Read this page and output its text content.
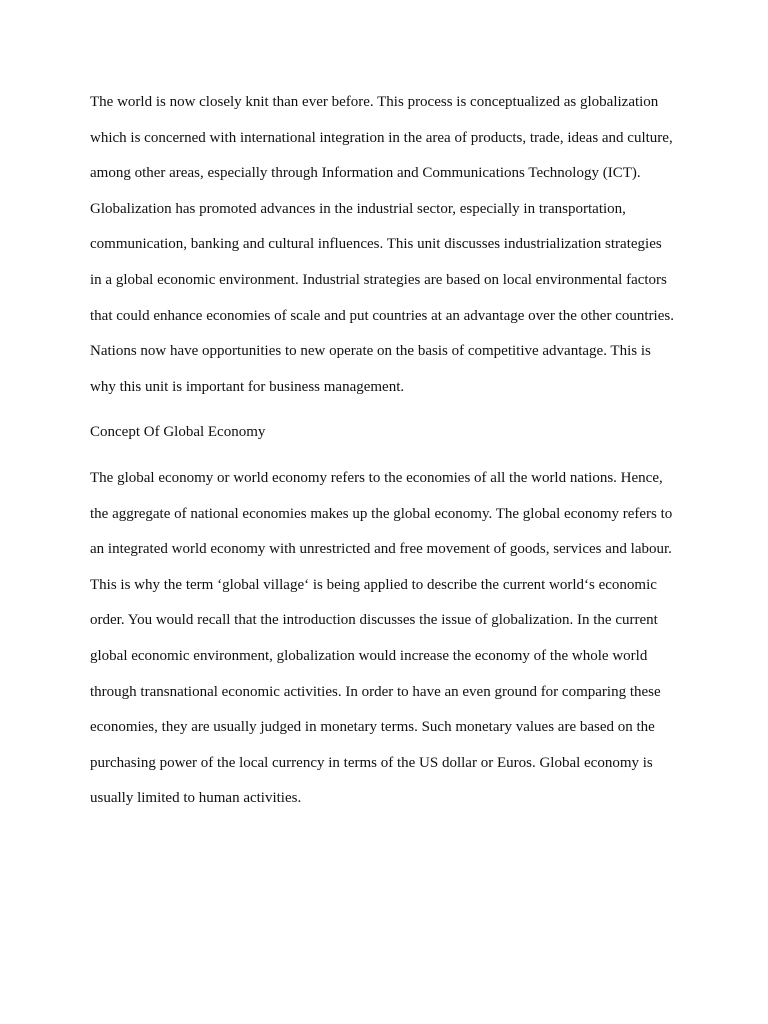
The world is now closely knit than ever before. This process is conceptualized as globalization
which is concerned with international integration in the area of products, trade, ideas and culture,
among other areas, especially through Information and Communications Technology (ICT).
Globalization has promoted advances in the industrial sector, especially in transportation,
communication, banking and cultural influences. This unit discusses industrialization strategies
in a global economic environment. Industrial strategies are based on local environmental factors
that could enhance economies of scale and put countries at an advantage over the other countries.
Nations now have opportunities to new operate on the basis of competitive advantage. This is
why this unit is important for business management.
Concept Of Global Economy
The global economy or world economy refers to the economies of all the world nations. Hence,
the aggregate of national economies makes up the global economy. The global economy refers to
an integrated world economy with unrestricted and free movement of goods, services and labour.
This is why the term ‘global village‘ is being applied to describe the current world‘s economic
order. You would recall that the introduction discusses the issue of globalization. In the current
global economic environment, globalization would increase the economy of the whole world
through transnational economic activities. In order to have an even ground for comparing these
economies, they are usually judged in monetary terms. Such monetary values are based on the
purchasing power of the local currency in terms of the US dollar or Euros. Global economy is
usually limited to human activities.
